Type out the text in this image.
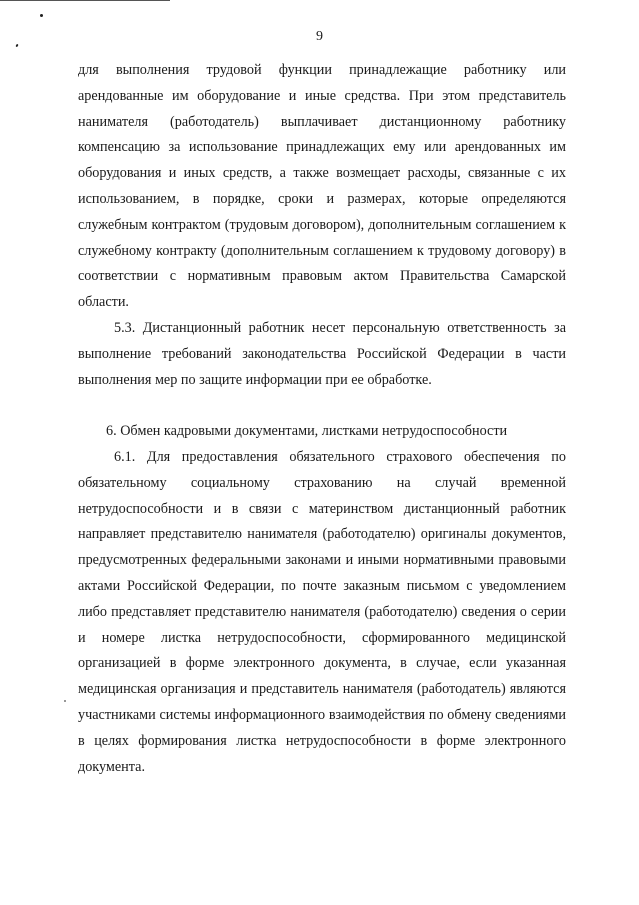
9

для выполнения трудовой функции принадлежащие работнику или арендованные им оборудование и иные средства. При этом представитель нанимателя (работодатель) выплачивает дистанционному работнику компенсацию за использование принадлежащих ему или арендованных им оборудования и иных средств, а также возмещает расходы, связанные с их использованием, в порядке, сроки и размерах, которые определяются служебным контрактом (трудовым договором), дополнительным соглашением к служебному контракту (дополнительным соглашением к трудовому договору) в соответствии с нормативным правовым актом Правительства Самарской области.

5.3. Дистанционный работник несет персональную ответственность за выполнение требований законодательства Российской Федерации в части выполнения мер по защите информации при ее обработке.

6. Обмен кадровыми документами, листками нетрудоспособности

6.1. Для предоставления обязательного страхового обеспечения по обязательному социальному страхованию на случай временной нетрудоспособности и в связи с материнством дистанционный работник направляет представителю нанимателя (работодателю) оригиналы документов, предусмотренных федеральными законами и иными нормативными правовыми актами Российской Федерации, по почте заказным письмом с уведомлением либо представляет представителю нанимателя (работодателю) сведения о серии и номере листка нетрудоспособности, сформированного медицинской организацией в форме электронного документа, в случае, если указанная медицинская организация и представитель нанимателя (работодатель) являются участниками системы информационного взаимодействия по обмену сведениями в целях формирования листка нетрудоспособности в форме электронного документа.
